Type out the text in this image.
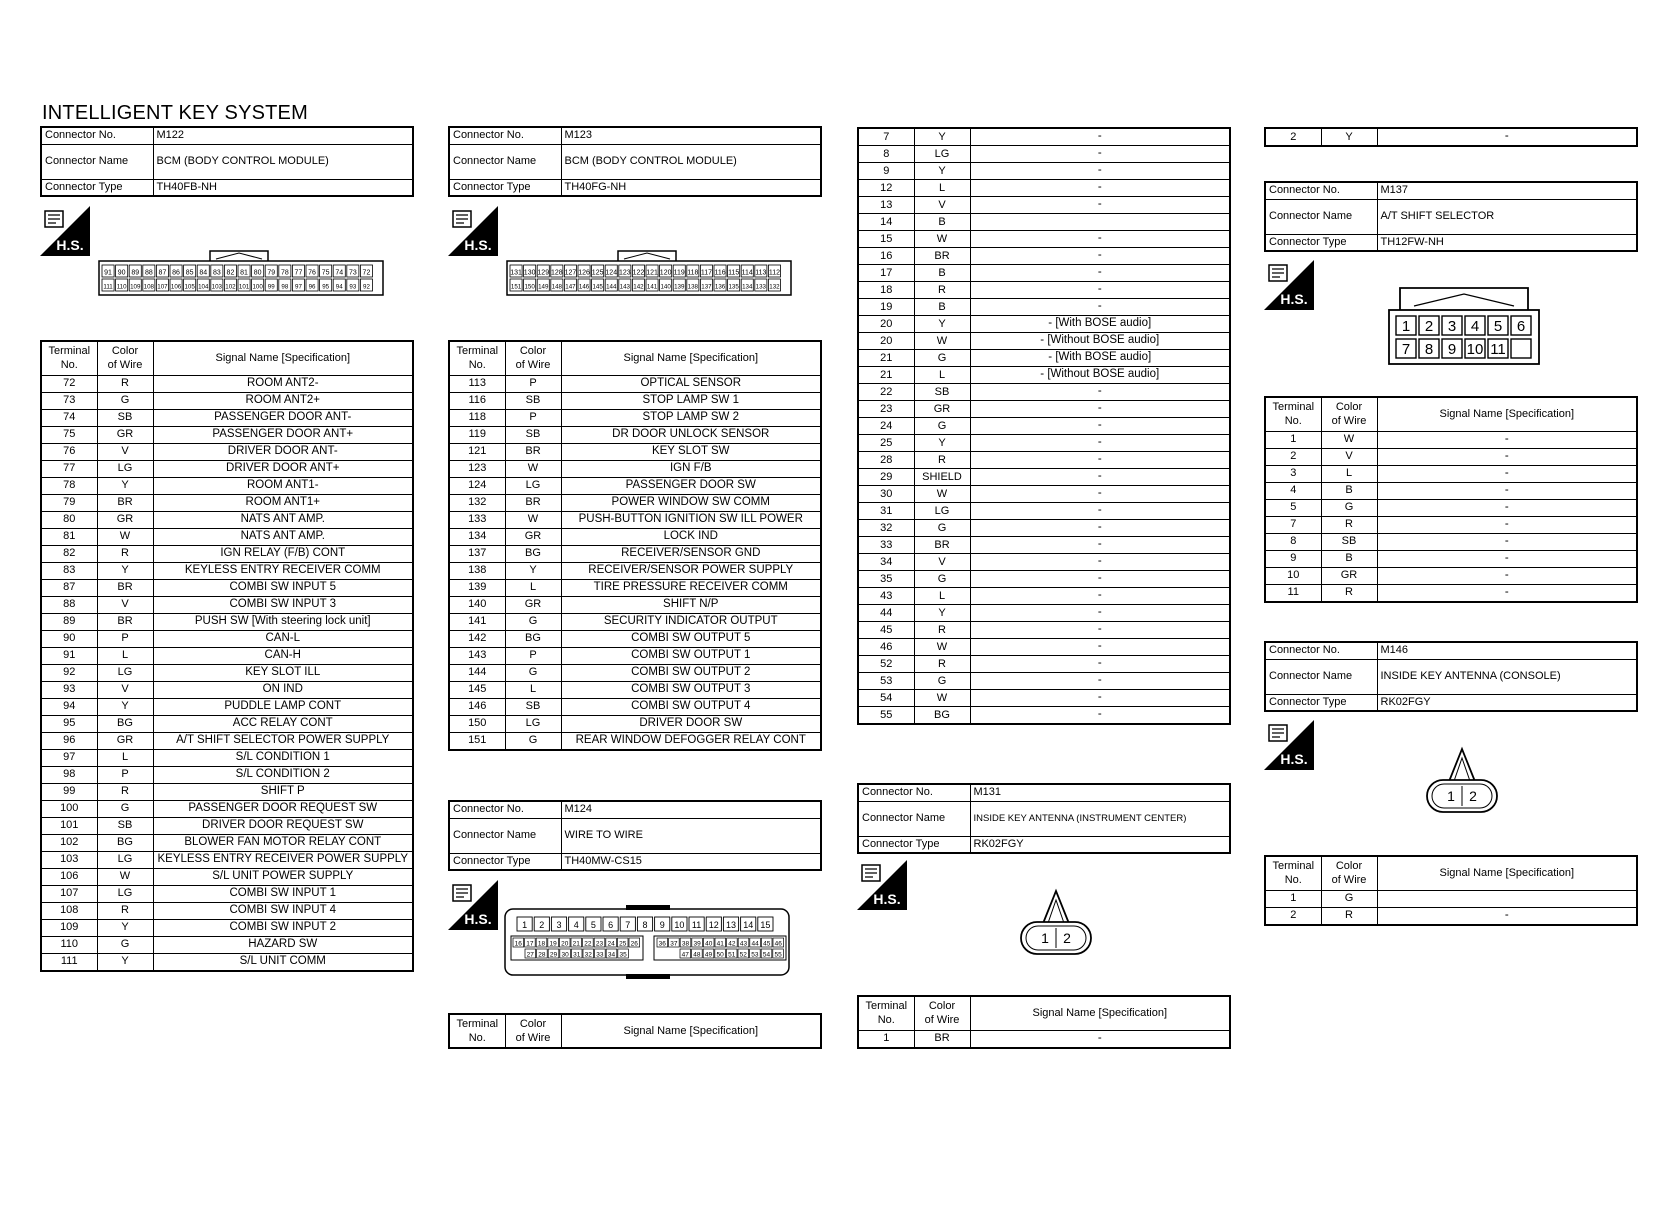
INTELLIGENT KEY SYSTEM
Connector No.	M122
Connector Name	BCM (BODY CONTROL MODULE)
Connector Type	TH40FB-NH
Connector No.	M123
Connector Name	BCM (BODY CONTROL MODULE)
Connector Type	TH40FG-NH
Connector No.	M124
Connector Name	WIRE TO WIRE
Connector Type	TH40MW-CS15
Connector No.	M131
Connector Name	INSIDE KEY ANTENNA (INSTRUMENT CENTER)
Connector Type	RK02FGY
Connector No.	M137
Connector Name	A/T SHIFT SELECTOR
Connector Type	TH12FW-NH
Connector No.	M146
Connector Name	INSIDE KEY ANTENNA (CONSOLE)
Connector Type	RK02FGY
H.S.	H.S.
H.S.
H.S.
H.S.
H.S.
91 90 89 88 87 86 85 84 83 82 81 80 79 78 77 76 75 74 73 72
111 110 109 108 107 106 105 104 103 102 101 100 99 98 97 96 95 94 93 92
131 130 129 128 127 126 125 124 123 122 121 120 119 118 117 116 115 114 113 112
151 150 149 148 147 146 145 144 143 142 141 140 139 138 137 136 135 134 133 132
1 2 3 4 5 6 7 8 9 10 11 12 13 14 15
16 17 18 19 20 21 22 23 24 25 26	36 37 38 39 40 41 42 43 44 45 46
27 28 29 30 31 32 33 34 35	47 48 49 50 51 52 53 54 55
1 2
1 2 3 4 5 6
7 8 9 10 11
1 2
Terminal
No.	Color
of Wire	Signal Name [Specification]
72	R	ROOM ANT2-
73	G	ROOM ANT2+
74	SB	PASSENGER DOOR ANT-
75	GR	PASSENGER DOOR ANT+
76	V	DRIVER DOOR ANT-
77	LG	DRIVER DOOR ANT+
78	Y	ROOM ANT1-
79	BR	ROOM ANT1+
80	GR	NATS ANT AMP.
81	W	NATS ANT AMP.
82	R	IGN RELAY (F/B) CONT
83	Y	KEYLESS ENTRY RECEIVER COMM
87	BR	COMBI SW INPUT 5
88	V	COMBI SW INPUT 3
89	BR	PUSH SW [With steering lock unit]
90	P	CAN-L
91	L	CAN-H
92	LG	KEY SLOT ILL
93	V	ON IND
94	Y	PUDDLE LAMP CONT
95	BG	ACC RELAY CONT
96	GR	A/T SHIFT SELECTOR POWER SUPPLY
97	L	S/L CONDITION 1
98	P	S/L CONDITION 2
99	R	SHIFT P
100	G	PASSENGER DOOR REQUEST SW
101	SB	DRIVER DOOR REQUEST SW
102	BG	BLOWER FAN MOTOR RELAY CONT
103	LG	KEYLESS ENTRY RECEIVER POWER SUPPLY
106	W	S/L UNIT POWER SUPPLY
107	LG	COMBI SW INPUT 1
108	R	COMBI SW INPUT 4
109	Y	COMBI SW INPUT 2
110	G	HAZARD SW
111	Y	S/L UNIT COMM
Terminal
No.	Color
of Wire	Signal Name [Specification]
113	P	OPTICAL SENSOR
116	SB	STOP LAMP SW 1
118	P	STOP LAMP SW 2
119	SB	DR DOOR UNLOCK SENSOR
121	BR	KEY SLOT SW
123	W	IGN F/B
124	LG	PASSENGER DOOR SW
132	BR	POWER WINDOW SW COMM
133	W	PUSH-BUTTON IGNITION SW ILL POWER
134	GR	LOCK IND
137	BG	RECEIVER/SENSOR GND
138	Y	RECEIVER/SENSOR POWER SUPPLY
139	L	TIRE PRESSURE RECEIVER COMM
140	GR	SHIFT N/P
141	G	SECURITY INDICATOR OUTPUT
142	BG	COMBI SW OUTPUT 5
143	P	COMBI SW OUTPUT 1
144	G	COMBI SW OUTPUT 2
145	L	COMBI SW OUTPUT 3
146	SB	COMBI SW OUTPUT 4
150	LG	DRIVER DOOR SW
151	G	REAR WINDOW DEFOGGER RELAY CONT
Terminal
No.	Color
of Wire	Signal Name [Specification]
7	Y	-
8	LG	-
9	Y	-
12	L	-
13	V	-
14	B	
15	W	-
16	BR	-
17	B	-
18	R	-
19	B	-
20	Y	- [With BOSE audio]
20	W	- [Without BOSE audio]
21	G	- [With BOSE audio]
21	L	- [Without BOSE audio]
22	SB	-
23	GR	-
24	G	-
25	Y	-
28	R	-
29	SHIELD	-
30	W	-
31	LG	-
32	G	-
33	BR	-
34	V	-
35	G	-
43	L	-
44	Y	-
45	R	-
46	W	-
52	R	-
53	G	-
54	W	-
55	BG	-
Terminal
No.	Color
of Wire	Signal Name [Specification]
1	BR	-
2	Y	-
Terminal
No.	Color
of Wire	Signal Name [Specification]
1	W	-
2	V	-
3	L	-
4	B	-
5	G	-
7	R	-
8	SB	-
9	B	-
10	GR	-
11	R	-
Terminal
No.	Color
of Wire	Signal Name [Specification]
1	G	
2	R	-
